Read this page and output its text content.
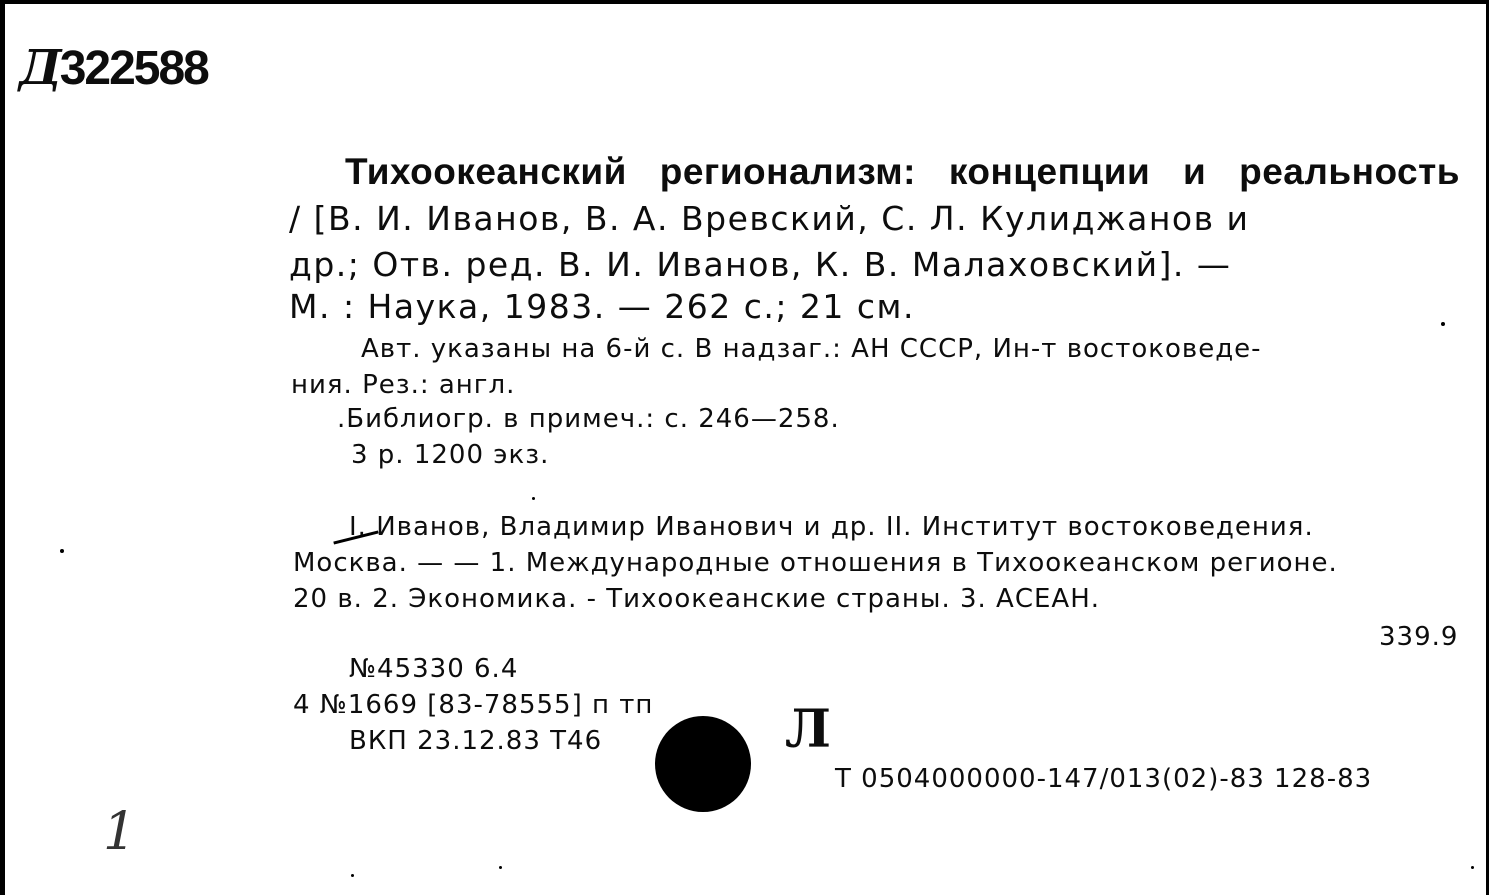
Д322588
Тихоокеанский регионализм: концепции и реальность
/ [В. И. Иванов, В. А. Вревский, С. Л. Кулиджанов и
др.; Отв. ред. В. И. Иванов, К. В. Малаховский]. —
М. : Наука, 1983. — 262 с.; 21 см.
Авт. указаны на 6-й с. В надзаг.: АН СССР, Ин-т востоковеде-
ния. Рез.: англ.
.Библиогр. в примеч.: с. 246—258.
3 р. 1200 экз.
I. Иванов, Владимир Иванович и др. II. Институт востоковедения.
Москва. — — 1. Международные отношения в Тихоокеанском регионе.
20 в. 2. Экономика. - Тихоокеанские страны. 3. АСЕАН.
339.9
№45330 6.4
4 №1669 [83-78555] п тп
ВКП 23.12.83 Т46	Л
Т 0504000000-147/013(02)-83 128-83
1
